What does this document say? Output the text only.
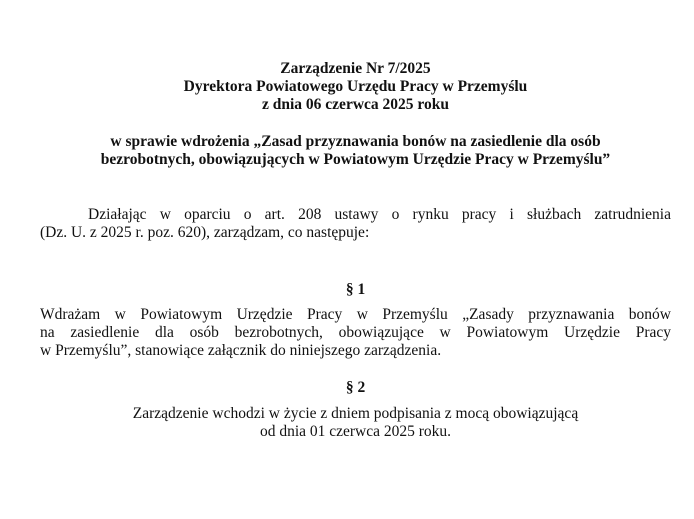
Zarządzenie Nr 7/2025
Dyrektora Powiatowego Urzędu Pracy w Przemyślu
z dnia 06 czerwca 2025 roku
w sprawie wdrożenia „Zasad przyznawania bonów na zasiedlenie dla osób
bezrobotnych, obowiązujących w Powiatowym Urzędzie Pracy w Przemyślu”
Działając w oparciu o art. 208 ustawy o rynku pracy i służbach zatrudnienia
(Dz. U. z 2025 r. poz. 620), zarządzam, co następuje:
§ 1
Wdrażam w Powiatowym Urzędzie Pracy w Przemyślu „Zasady przyznawania bonów
na zasiedlenie dla osób bezrobotnych, obowiązujące w Powiatowym Urzędzie Pracy
w Przemyślu”, stanowiące załącznik do niniejszego zarządzenia.
§ 2
Zarządzenie wchodzi w życie z dniem podpisania z mocą obowiązującą
od dnia 01 czerwca 2025 roku.
